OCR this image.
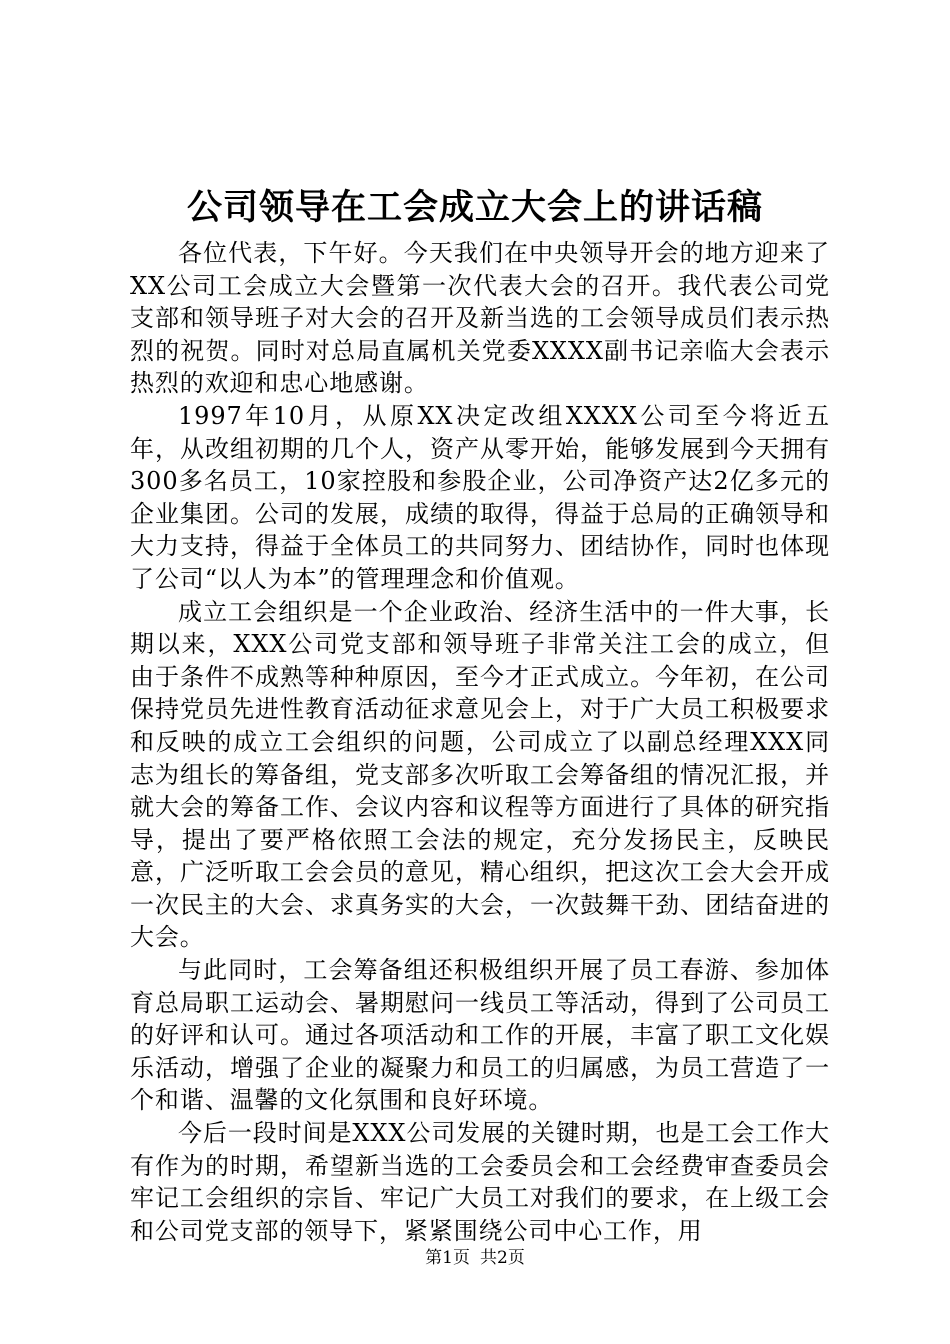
公司领导在工会成立大会上的讲话稿

各位代表，下午好。今天我们在中央领导开会的地方迎来了XX公司工会成立大会暨第一次代表大会的召开。我代表公司党支部和领导班子对大会的召开及新当选的工会领导成员们表示热烈的祝贺。同时对总局直属机关党委XXXX副书记亲临大会表示热烈的欢迎和忠心地感谢。

1997年10月，从原XX决定改组XXXX公司至今将近五年，从改组初期的几个人，资产从零开始，能够发展到今天拥有300多名员工，10家控股和参股企业，公司净资产达2亿多元的企业集团。公司的发展，成绩的取得，得益于总局的正确领导和大力支持，得益于全体员工的共同努力、团结协作，同时也体现了公司“以人为本”的管理理念和价值观。

成立工会组织是一个企业政治、经济生活中的一件大事，长期以来，XXX公司党支部和领导班子非常关注工会的成立，但由于条件不成熟等种种原因，至今才正式成立。今年初，在公司保持党员先进性教育活动征求意见会上，对于广大员工积极要求和反映的成立工会组织的问题，公司成立了以副总经理XXX同志为组长的筹备组，党支部多次听取工会筹备组的情况汇报，并就大会的筹备工作、会议内容和议程等方面进行了具体的研究指导，提出了要严格依照工会法的规定，充分发扬民主，反映民意，广泛听取工会会员的意见，精心组织，把这次工会大会开成一次民主的大会、求真务实的大会，一次鼓舞干劲、团结奋进的大会。

与此同时，工会筹备组还积极组织开展了员工春游、参加体育总局职工运动会、暑期慰问一线员工等活动，得到了公司员工的好评和认可。通过各项活动和工作的开展，丰富了职工文化娱乐活动，增强了企业的凝聚力和员工的归属感，为员工营造了一个和谐、温馨的文化氛围和良好环境。

今后一段时间是XXX公司发展的关键时期，也是工会工作大有作为的时期，希望新当选的工会委员会和工会经费审查委员会牢记工会组织的宗旨、牢记广大员工对我们的要求，在上级工会和公司党支部的领导下，紧紧围绕公司中心工作，用

第1页 共2页
